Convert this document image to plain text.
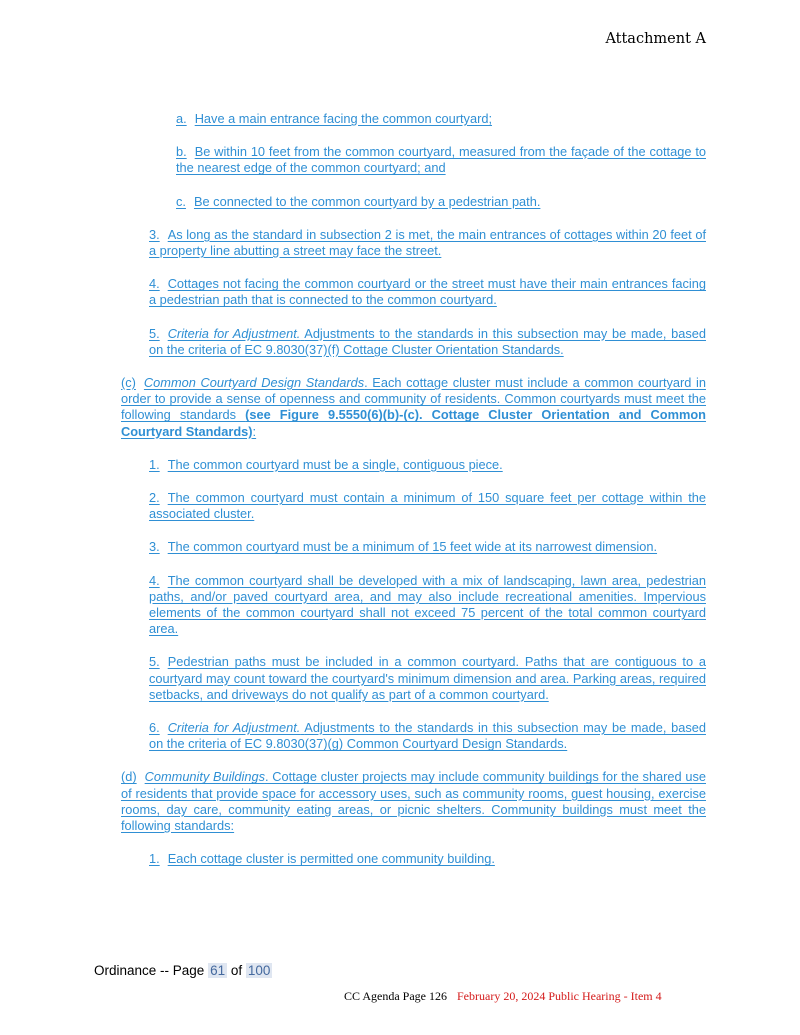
Attachment A

a. Have a main entrance facing the common courtyard;

b. Be within 10 feet from the common courtyard, measured from the façade of the cottage to the nearest edge of the common courtyard; and

c. Be connected to the common courtyard by a pedestrian path.

3. As long as the standard in subsection 2 is met, the main entrances of cottages within 20 feet of a property line abutting a street may face the street.

4. Cottages not facing the common courtyard or the street must have their main entrances facing a pedestrian path that is connected to the common courtyard.

5. Criteria for Adjustment. Adjustments to the standards in this subsection may be made, based on the criteria of EC 9.8030(37)(f) Cottage Cluster Orientation Standards.

(c) Common Courtyard Design Standards. Each cottage cluster must include a common courtyard in order to provide a sense of openness and community of residents. Common courtyards must meet the following standards (see Figure 9.5550(6)(b)-(c). Cottage Cluster Orientation and Common Courtyard Standards):

1. The common courtyard must be a single, contiguous piece.

2. The common courtyard must contain a minimum of 150 square feet per cottage within the associated cluster.

3. The common courtyard must be a minimum of 15 feet wide at its narrowest dimension.

4. The common courtyard shall be developed with a mix of landscaping, lawn area, pedestrian paths, and/or paved courtyard area, and may also include recreational amenities. Impervious elements of the common courtyard shall not exceed 75 percent of the total common courtyard area.

5. Pedestrian paths must be included in a common courtyard. Paths that are contiguous to a courtyard may count toward the courtyard's minimum dimension and area. Parking areas, required setbacks, and driveways do not qualify as part of a common courtyard.

6. Criteria for Adjustment. Adjustments to the standards in this subsection may be made, based on the criteria of EC 9.8030(37)(g) Common Courtyard Design Standards.

(d) Community Buildings. Cottage cluster projects may include community buildings for the shared use of residents that provide space for accessory uses, such as community rooms, guest housing, exercise rooms, day care, community eating areas, or picnic shelters. Community buildings must meet the following standards:

1. Each cottage cluster is permitted one community building.

Ordinance -- Page 61 of 100
CC Agenda Page 126 February 20, 2024 Public Hearing - Item 4
